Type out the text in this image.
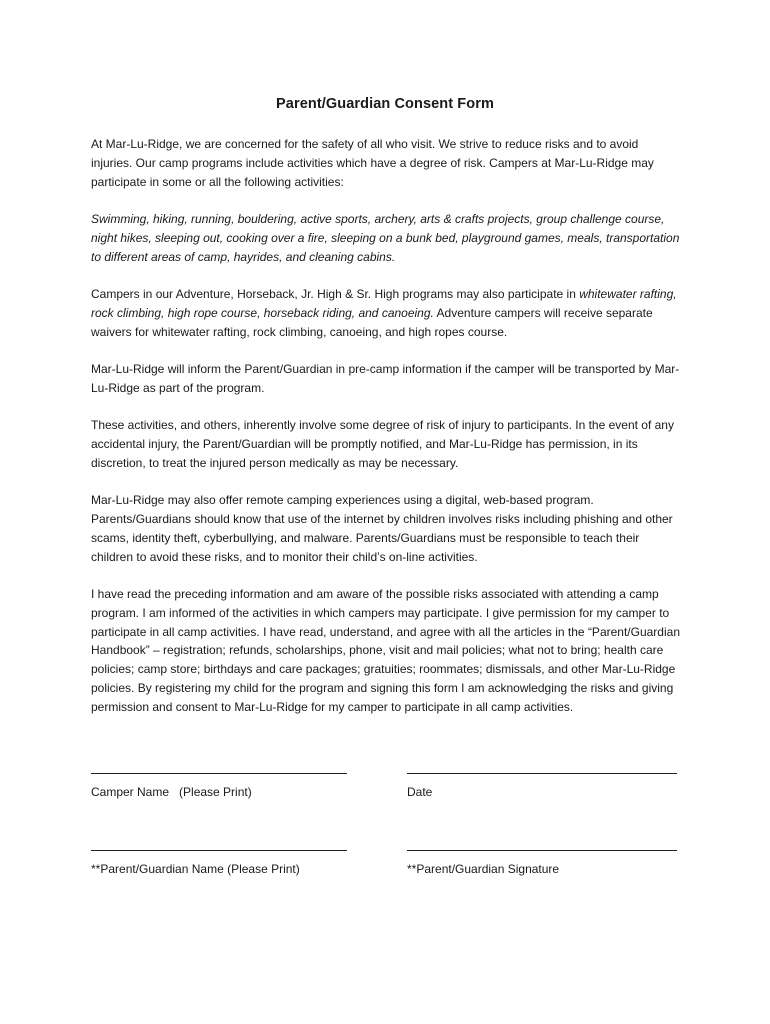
Parent/Guardian Consent Form

At Mar-Lu-Ridge, we are concerned for the safety of all who visit. We strive to reduce risks and to avoid injuries. Our camp programs include activities which have a degree of risk. Campers at Mar-Lu-Ridge may participate in some or all the following activities:

Swimming, hiking, running, bouldering, active sports, archery, arts & crafts projects, group challenge course, night hikes, sleeping out, cooking over a fire, sleeping on a bunk bed, playground games, meals, transportation to different areas of camp, hayrides, and cleaning cabins.

Campers in our Adventure, Horseback, Jr. High & Sr. High programs may also participate in whitewater rafting, rock climbing, high rope course, horseback riding, and canoeing. Adventure campers will receive separate waivers for whitewater rafting, rock climbing, canoeing, and high ropes course.

Mar-Lu-Ridge will inform the Parent/Guardian in pre-camp information if the camper will be transported by Mar-Lu-Ridge as part of the program.

These activities, and others, inherently involve some degree of risk of injury to participants. In the event of any accidental injury, the Parent/Guardian will be promptly notified, and Mar-Lu-Ridge has permission, in its discretion, to treat the injured person medically as may be necessary.

Mar-Lu-Ridge may also offer remote camping experiences using a digital, web-based program. Parents/Guardians should know that use of the internet by children involves risks including phishing and other scams, identity theft, cyberbullying, and malware. Parents/Guardians must be responsible to teach their children to avoid these risks, and to monitor their child’s on-line activities.

I have read the preceding information and am aware of the possible risks associated with attending a camp program. I am informed of the activities in which campers may participate. I give permission for my camper to participate in all camp activities. I have read, understand, and agree with all the articles in the “Parent/Guardian Handbook” – registration; refunds, scholarships, phone, visit and mail policies; what not to bring; health care policies; camp store; birthdays and care packages; gratuities; roommates; dismissals, and other Mar-Lu-Ridge policies. By registering my child for the program and signing this form I am acknowledging the risks and giving permission and consent to Mar-Lu-Ridge for my camper to participate in all camp activities.

Camper Name   (Please Print)	Date
**Parent/Guardian Name (Please Print)	**Parent/Guardian Signature
